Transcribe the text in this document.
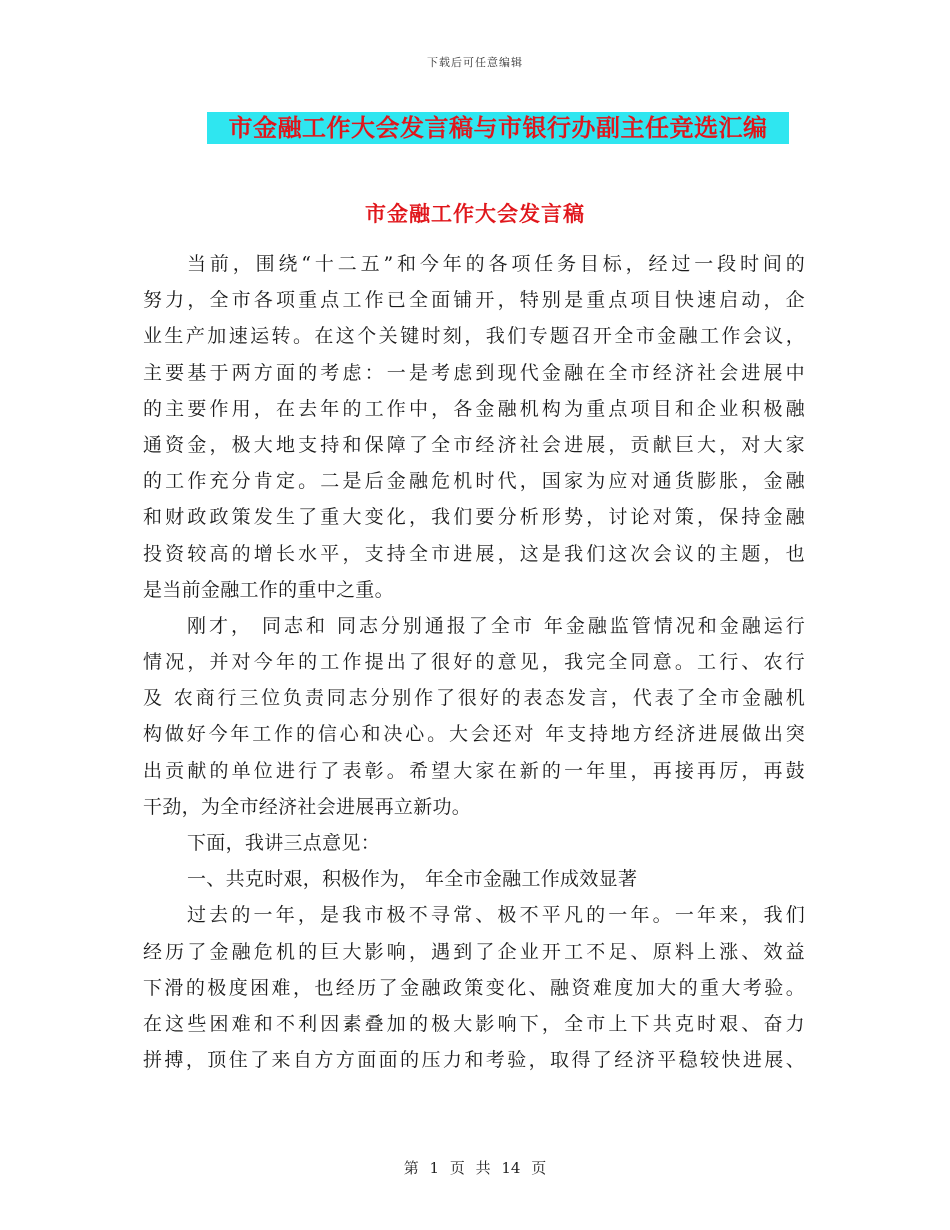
下载后可任意编辑
市金融工作大会发言稿与市银行办副主任竞选汇编
市金融工作大会发言稿
当前，围绕“十二五”和今年的各项任务目标，经过一段时间的
努力，全市各项重点工作已全面铺开，特别是重点项目快速启动，企
业生产加速运转。在这个关键时刻，我们专题召开全市金融工作会议，
主要基于两方面的考虑：一是考虑到现代金融在全市经济社会进展中
的主要作用，在去年的工作中，各金融机构为重点项目和企业积极融
通资金，极大地支持和保障了全市经济社会进展，贡献巨大，对大家
的工作充分肯定。二是后金融危机时代，国家为应对通货膨胀，金融
和财政政策发生了重大变化，我们要分析形势，讨论对策，保持金融
投资较高的增长水平，支持全市进展，这是我们这次会议的主题，也
是当前金融工作的重中之重。
刚才， 同志和 同志分别通报了全市 年金融监管情况和金融运行
情况，并对今年的工作提出了很好的意见，我完全同意。工行、农行
及 农商行三位负责同志分别作了很好的表态发言，代表了全市金融机
构做好今年工作的信心和决心。大会还对 年支持地方经济进展做出突
出贡献的单位进行了表彰。希望大家在新的一年里，再接再厉，再鼓
干劲，为全市经济社会进展再立新功。
下面，我讲三点意见：
一、共克时艰，积极作为， 年全市金融工作成效显著
过去的一年，是我市极不寻常、极不平凡的一年。一年来，我们
经历了金融危机的巨大影响，遇到了企业开工不足、原料上涨、效益
下滑的极度困难，也经历了金融政策变化、融资难度加大的重大考验。
在这些困难和不利因素叠加的极大影响下，全市上下共克时艰、奋力
拼搏，顶住了来自方方面面的压力和考验，取得了经济平稳较快进展、
第 1 页 共 14 页
